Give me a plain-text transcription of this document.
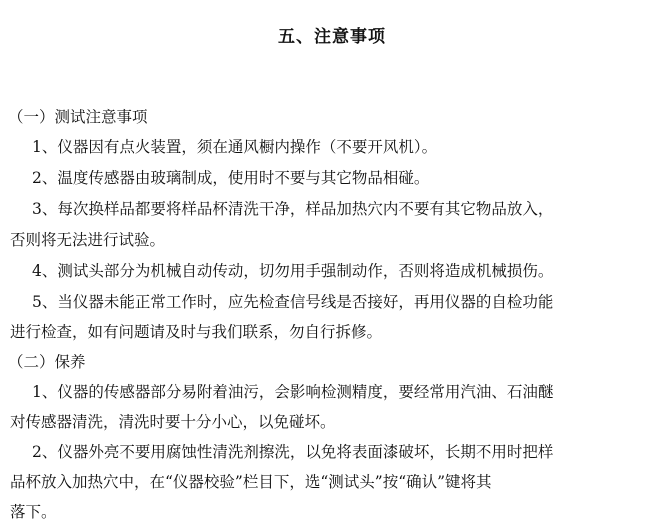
五、注意事项
（一）测试注意事项
1、仪器因有点火装置，须在通风橱内操作（不要开风机）。
2、温度传感器由玻璃制成，使用时不要与其它物品相碰。
3、每次换样品都要将样品杯清洗干净，样品加热穴内不要有其它物品放入，
否则将无法进行试验。
4、测试头部分为机械自动传动，切勿用手强制动作，否则将造成机械损伤。
5、当仪器未能正常工作时，应先检查信号线是否接好，再用仪器的自检功能
进行检查，如有问题请及时与我们联系，勿自行拆修。
（二）保养
1、仪器的传感器部分易附着油污，会影响检测精度，要经常用汽油、石油醚
对传感器清洗，清洗时要十分小心，以免碰坏。
2、仪器外亮不要用腐蚀性清洗剂擦洗，以免将表面漆破坏，长期不用时把样
品杯放入加热穴中，在“仪器校验”栏目下，选“测试头”按“确认”键将其
落下。
